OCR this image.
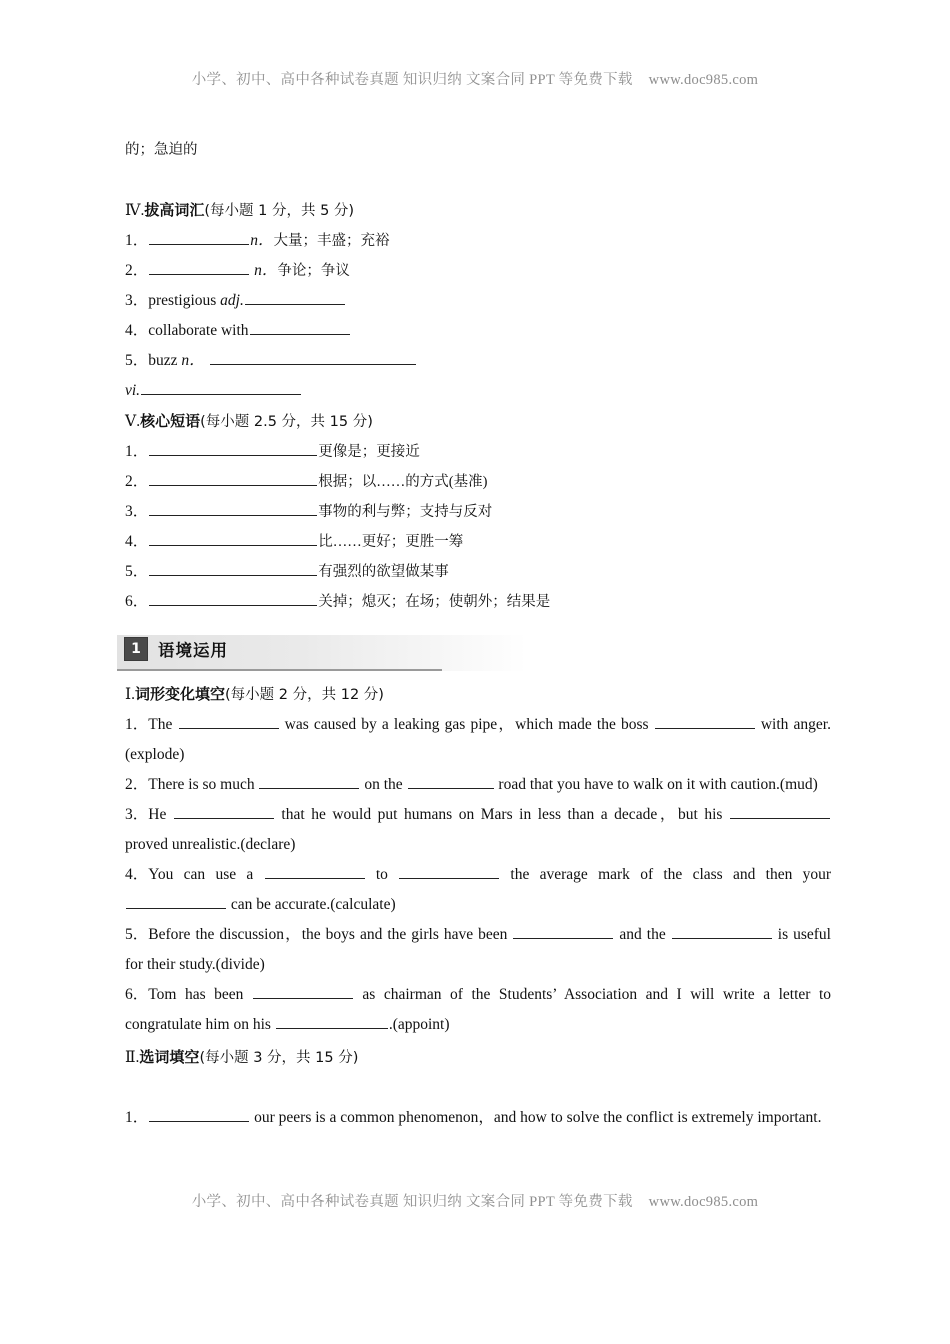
小学、初中、高中各种试卷真题 知识归纳 文案合同 PPT 等免费下载 www.doc985.com

的；急迫的

Ⅳ.拔高词汇(每小题 1 分，共 5 分)

1．	n．大量；丰盛；充裕

2．	n．争论；争议

3．prestigious adj.

4．collaborate with

5．buzz n．

vi.

Ⅴ.核心短语(每小题 2.5 分，共 15 分)

1．	更像是；更接近

2．	根据；以……的方式(基准)

3．	事物的利与弊；支持与反对

4．	比……更好；更胜一筹

5．	有强烈的欲望做某事

6．	关掉；熄灭；在场；使朝外；结果是

1	语境运用

Ⅰ.词形变化填空(每小题 2 分，共 12 分)

1．The	was caused by a leaking gas pipe，which made the boss	with anger.(explode)

2．There is so much	on the	road that you have to walk on it with caution.(mud)

3．He	that he would put humans on Mars in less than a decade，but his  proved unrealistic.(declare)

4．You can use a	to	the average mark of the class and then your  can be accurate.(calculate)

5．Before the discussion，the boys and the girls have been	and the	is useful for their study.(divide)

6．Tom has been	as chairman of the Students’ Association and I will write a letter to congratulate him on his	.(appoint)

Ⅱ.选词填空(每小题 3 分，共 15 分)

1．	our peers is a common phenomenon，and how to solve the conflict is extremely important.

小学、初中、高中各种试卷真题 知识归纳 文案合同 PPT 等免费下载 www.doc985.com
